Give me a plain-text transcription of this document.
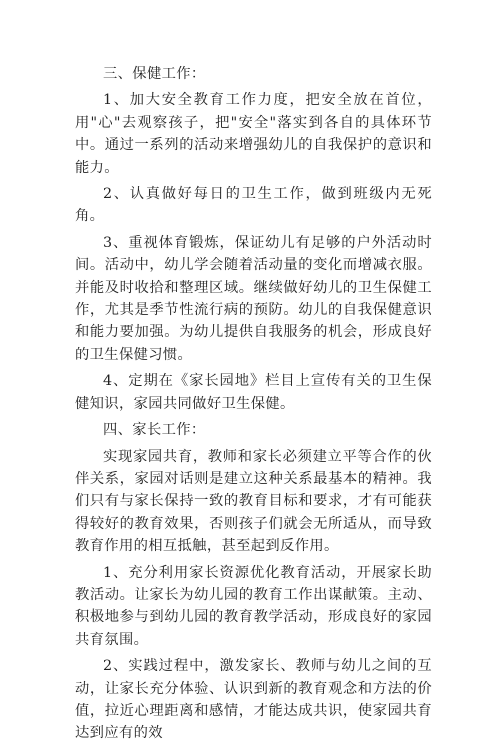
三、保健工作：

1、加大安全教育工作力度，把安全放在首位，用"心"去观察孩子，把"安全"落实到各自的具体环节中。通过一系列的活动来增强幼儿的自我保护的意识和能力。

2、认真做好每日的卫生工作，做到班级内无死角。

3、重视体育锻炼，保证幼儿有足够的户外活动时间。活动中，幼儿学会随着活动量的变化而增减衣服。并能及时收拾和整理区域。继续做好幼儿的卫生保健工作，尤其是季节性流行病的预防。幼儿的自我保健意识和能力要加强。为幼儿提供自我服务的机会，形成良好的卫生保健习惯。

4、定期在《家长园地》栏目上宣传有关的卫生保健知识，家园共同做好卫生保健。

四、家长工作：

实现家园共育，教师和家长必须建立平等合作的伙伴关系，家园对话则是建立这种关系最基本的精神。我们只有与家长保持一致的教育目标和要求，才有可能获得较好的教育效果，否则孩子们就会无所适从，而导致教育作用的相互抵触，甚至起到反作用。

1、充分利用家长资源优化教育活动，开展家长助教活动。让家长为幼儿园的教育工作出谋献策。主动、积极地参与到幼儿园的教育教学活动，形成良好的家园共育氛围。

2、实践过程中，激发家长、教师与幼儿之间的互动，让家长充分体验、认识到新的教育观念和方法的价值，拉近心理距离和感情，才能达成共识，使家园共育达到应有的效
